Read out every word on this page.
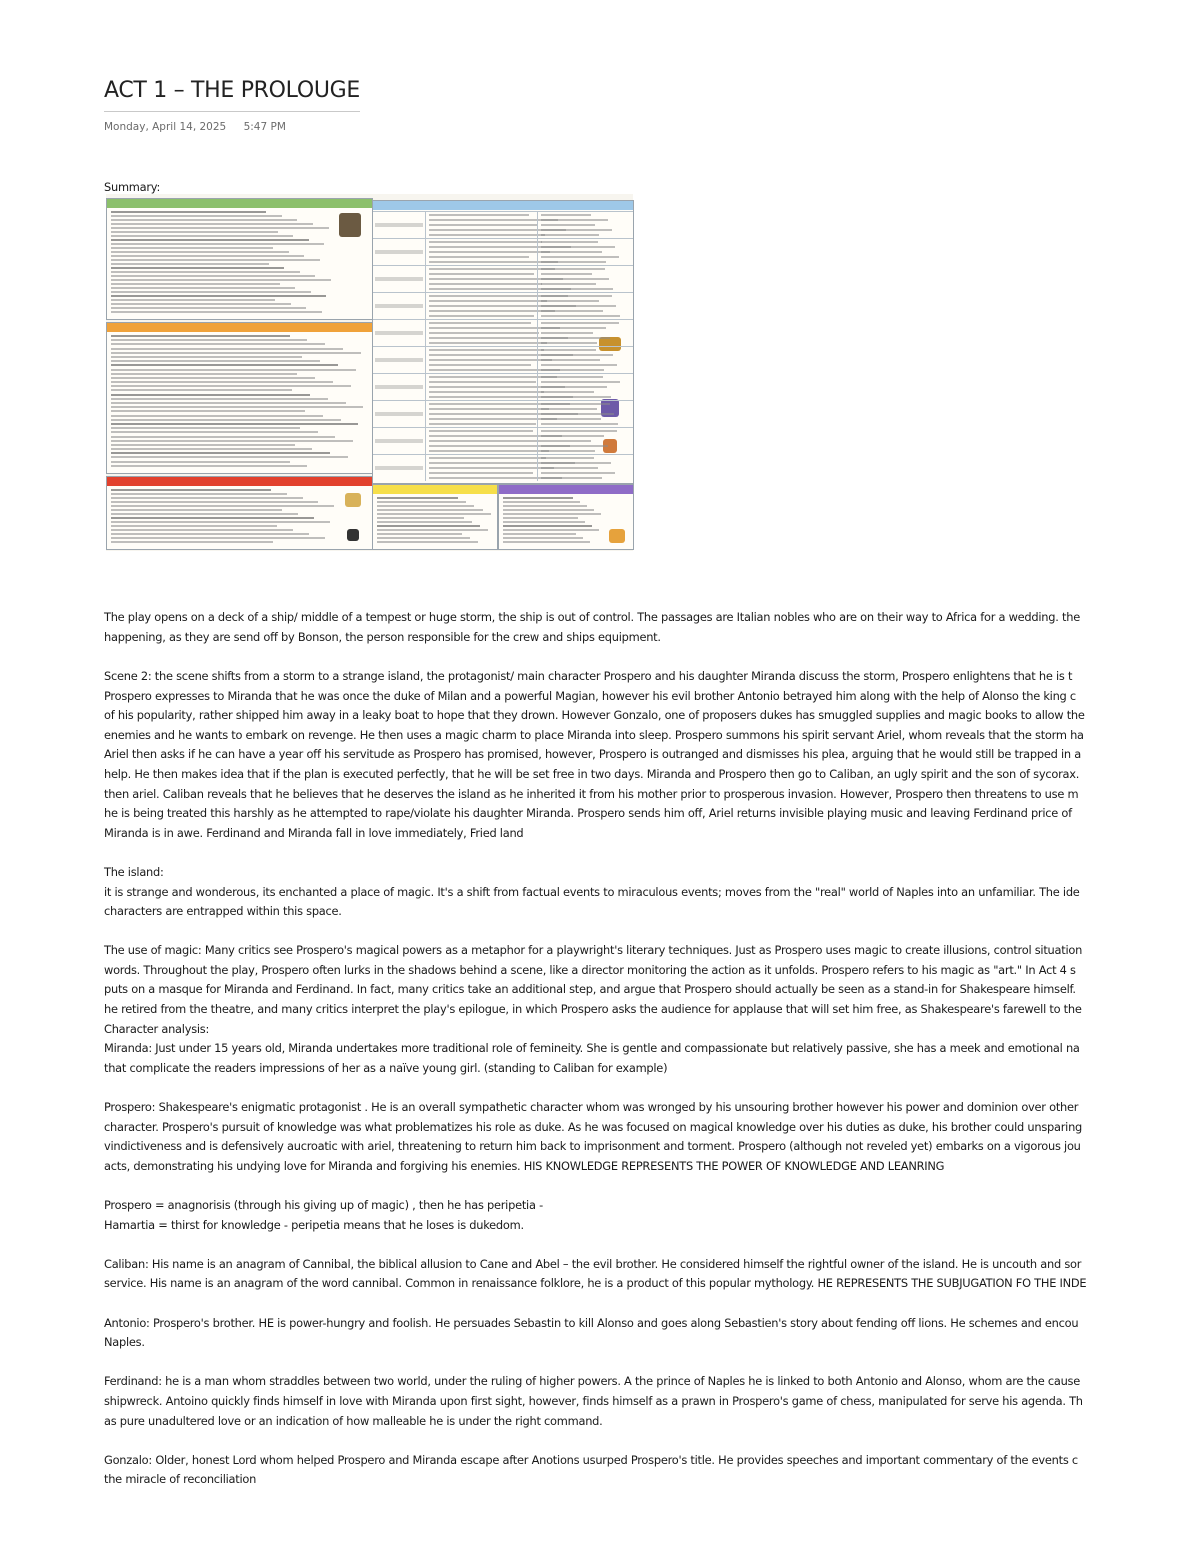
ACT 1 – THE PROLOUGE
Monday, April 14, 2025 5:47 PM
Summary:
The play opens on a deck of a ship/ middle of a tempest or huge storm, the ship is out of control. The passages are Italian nobles who are on their way to Africa for a wedding. the
happening, as they are send off by Bonson, the person responsible for the crew and ships equipment.
Scene 2: the scene shifts from a storm to a strange island, the protagonist/ main character Prospero and his daughter Miranda discuss the storm, Prospero enlightens that he is t
Prospero expresses to Miranda that he was once the duke of Milan and a powerful Magian, however his evil brother Antonio betrayed him along with the help of Alonso the king c
of his popularity, rather shipped him away in a leaky boat to hope that they drown. However Gonzalo, one of proposers dukes has smuggled supplies and magic books to allow the
enemies and he wants to embark on revenge. He then uses a magic charm to place Miranda into sleep. Prospero summons his spirit servant Ariel, whom reveals that the storm ha
Ariel then asks if he can have a year off his servitude as Prospero has promised, however, Prospero is outranged and dismisses his plea, arguing that he would still be trapped in a
help. He then makes idea that if the plan is executed perfectly, that he will be set free in two days. Miranda and Prospero then go to Caliban, an ugly spirit and the son of sycorax.
then ariel. Caliban reveals that he believes that he deserves the island as he inherited it from his mother prior to prosperous invasion. However, Prospero then threatens to use m
he is being treated this harshly as he attempted to rape/violate his daughter Miranda. Prospero sends him off, Ariel returns invisible playing music and leaving Ferdinand price of
Miranda is in awe. Ferdinand and Miranda fall in love immediately, Fried land
The island:
it is strange and wonderous, its enchanted a place of magic. It's a shift from factual events to miraculous events; moves from the "real" world of Naples into an unfamiliar. The ide
characters are entrapped within this space.
The use of magic: Many critics see Prospero's magical powers as a metaphor for a playwright's literary techniques. Just as Prospero uses magic to create illusions, control situation
words. Throughout the play, Prospero often lurks in the shadows behind a scene, like a director monitoring the action as it unfolds. Prospero refers to his magic as "art." In Act 4 s
puts on a masque for Miranda and Ferdinand. In fact, many critics take an additional step, and argue that Prospero should actually be seen as a stand-in for Shakespeare himself.
he retired from the theatre, and many critics interpret the play's epilogue, in which Prospero asks the audience for applause that will set him free, as Shakespeare's farewell to the
Character analysis:
Miranda: Just under 15 years old, Miranda undertakes more traditional role of femineity. She is gentle and compassionate but relatively passive, she has a meek and emotional na
that complicate the readers impressions of her as a naïve young girl. (standing to Caliban for example)
Prospero: Shakespeare's enigmatic protagonist . He is an overall sympathetic character whom was wronged by his unsouring brother however his power and dominion over other
character. Prospero's pursuit of knowledge was what problematizes his role as duke. As he was focused on magical knowledge over his duties as duke, his brother could unsparing
vindictiveness and is defensively aucroatic with ariel, threatening to return him back to imprisonment and torment. Prospero (although not reveled yet) embarks on a vigorous jou
acts, demonstrating his undying love for Miranda and forgiving his enemies. HIS KNOWLEDGE REPRESENTS THE POWER OF KNOWLEDGE AND LEANRING
Prospero = anagnorisis (through his giving up of magic) , then he has peripetia -
Hamartia = thirst for knowledge - peripetia means that he loses is dukedom.
Caliban: His name is an anagram of Cannibal, the biblical allusion to Cane and Abel – the evil brother. He considered himself the rightful owner of the island. He is uncouth and sor
service. His name is an anagram of the word cannibal. Common in renaissance folklore, he is a product of this popular mythology. HE REPRESENTS THE SUBJUGATION FO THE INDE
Antonio: Prospero's brother. HE is power-hungry and foolish. He persuades Sebastin to kill Alonso and goes along Sebastien's story about fending off lions. He schemes and encou
Naples.
Ferdinand: he is a man whom straddles between two world, under the ruling of higher powers. A the prince of Naples he is linked to both Antonio and Alonso, whom are the cause
shipwreck. Antoino quickly finds himself in love with Miranda upon first sight, however, finds himself as a prawn in Prospero's game of chess, manipulated for serve his agenda. Th
as pure unadultered love or an indication of how malleable he is under the right command.
Gonzalo: Older, honest Lord whom helped Prospero and Miranda escape after Anotions usurped Prospero's title. He provides speeches and important commentary of the events c
the miracle of reconciliation
